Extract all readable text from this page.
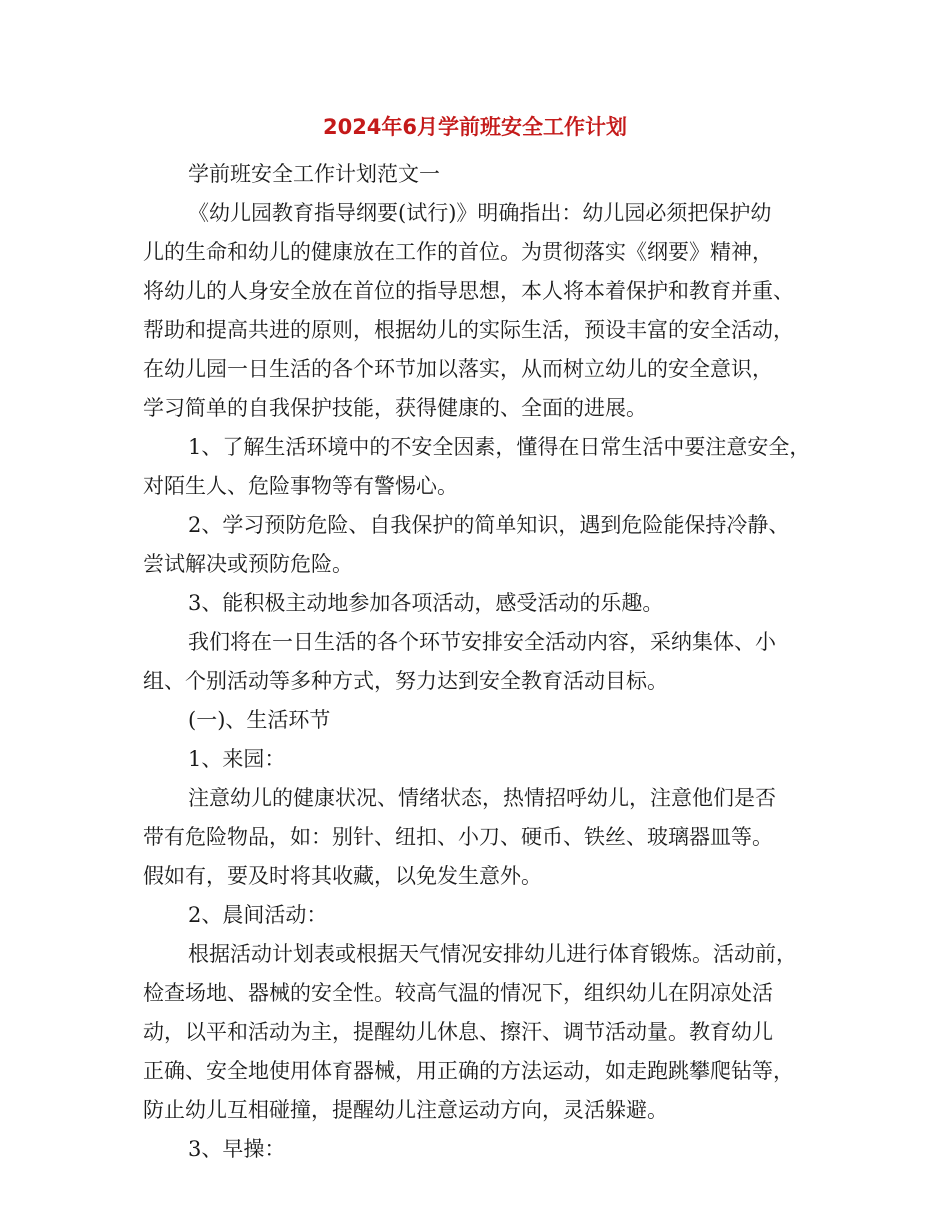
2024年6月学前班安全工作计划
学前班安全工作计划范文一
《幼儿园教育指导纲要(试行)》明确指出：幼儿园必须把保护幼
儿的生命和幼儿的健康放在工作的首位。为贯彻落实《纲要》精神，
将幼儿的人身安全放在首位的指导思想，本人将本着保护和教育并重、
帮助和提高共进的原则，根据幼儿的实际生活，预设丰富的安全活动，
在幼儿园一日生活的各个环节加以落实，从而树立幼儿的安全意识，
学习简单的自我保护技能，获得健康的、全面的进展。
1、了解生活环境中的不安全因素，懂得在日常生活中要注意安全，
对陌生人、危险事物等有警惕心。
2、学习预防危险、自我保护的简单知识，遇到危险能保持冷静、
尝试解决或预防危险。
3、能积极主动地参加各项活动，感受活动的乐趣。
我们将在一日生活的各个环节安排安全活动内容，采纳集体、小
组、个别活动等多种方式，努力达到安全教育活动目标。
(一)、生活环节
1、来园：
注意幼儿的健康状况、情绪状态，热情招呼幼儿，注意他们是否
带有危险物品，如：别针、纽扣、小刀、硬币、铁丝、玻璃器皿等。
假如有，要及时将其收藏，以免发生意外。
2、晨间活动：
根据活动计划表或根据天气情况安排幼儿进行体育锻炼。活动前，
检查场地、器械的安全性。较高气温的情况下，组织幼儿在阴凉处活
动，以平和活动为主，提醒幼儿休息、擦汗、调节活动量。教育幼儿
正确、安全地使用体育器械，用正确的方法运动，如走跑跳攀爬钻等，
防止幼儿互相碰撞，提醒幼儿注意运动方向，灵活躲避。
3、早操：
